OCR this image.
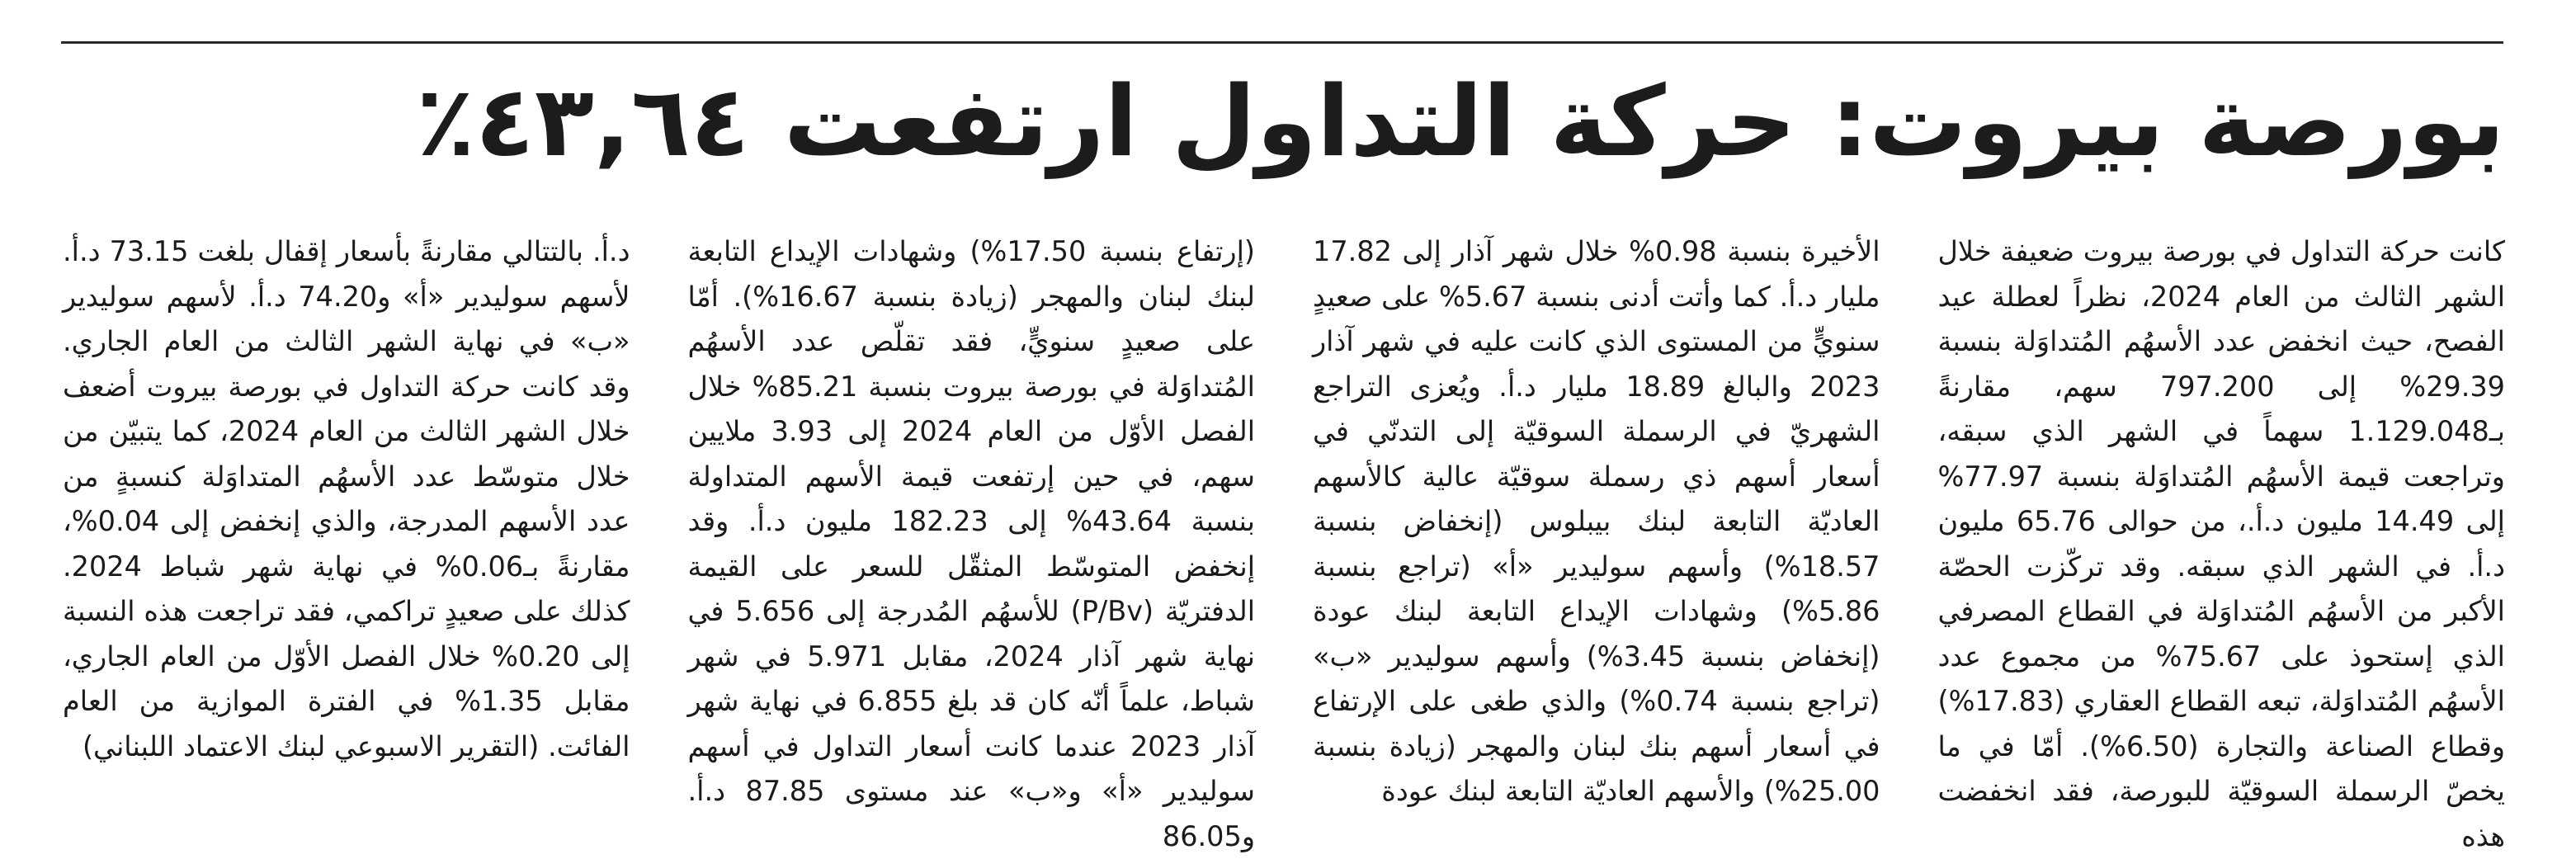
بورصة بيروت: حركة التداول ارتفعت ٤٣,٦٤٪

كانت حركة التداول في بورصة بيروت ضعيفة خلال الشهر الثالث من العام 2024، نظراً لعطلة عيد الفصح، حيث انخفض عدد الأسهُم المُتداوَلة بنسبة 29.39% إلى 797.200 سهم، مقارنةً بـ1.129.048 سهماً في الشهر الذي سبقه، وتراجعت قيمة الأسهُم المُتداوَلة بنسبة 77.97% إلى 14.49 مليون د.أ.، من حوالى 65.76 مليون د.أ. في الشهر الذي سبقه. وقد تركّزت الحصّة الأكبر من الأسهُم المُتداوَلة في القطاع المصرفي الذي إستحوذ على 75.67% من مجموع عدد الأسهُم المُتداوَلة، تبعه القطاع العقاري (17.83%) وقطاع الصناعة والتجارة (6.50%). أمّا في ما يخصّ الرسملة السوقيّة للبورصة، فقد انخفضت هذه

الأخيرة بنسبة 0.98% خلال شهر آذار إلى 17.82 مليار د.أ. كما وأتت أدنى بنسبة 5.67% على صعيدٍ سنويٍّ من المستوى الذي كانت عليه في شهر آذار 2023 والبالغ 18.89 مليار د.أ. ويُعزى التراجع الشهريّ في الرسملة السوقيّة إلى التدنّي في أسعار أسهم ذي رسملة سوقيّة عالية كالأسهم العاديّة التابعة لبنك بيبلوس (إنخفاض بنسبة 18.57%) وأسهم سوليدير «أ» (تراجع بنسبة 5.86%) وشهادات الإيداع التابعة لبنك عودة (إنخفاض بنسبة 3.45%) وأسهم سوليدير «ب» (تراجع بنسبة 0.74%) والذي طغى على الإرتفاع في أسعار أسهم بنك لبنان والمهجر (زيادة بنسبة 25.00%) والأسهم العاديّة التابعة لبنك عودة

(إرتفاع بنسبة 17.50%) وشهادات الإيداع التابعة لبنك لبنان والمهجر (زيادة بنسبة 16.67%). أمّا على صعيدٍ سنويٍّ، فقد تقلّص عدد الأسهُم المُتداوَلة في بورصة بيروت بنسبة 85.21% خلال الفصل الأوّل من العام 2024 إلى 3.93 ملايين سهم، في حين إرتفعت قيمة الأسهم المتداولة بنسبة 43.64% إلى 182.23 مليون د.أ. وقد إنخفض المتوسّط المثقّل للسعر على القيمة الدفتريّة (P/Bv) للأسهُم المُدرجة إلى 5.656 في نهاية شهر آذار 2024، مقابل 5.971 في شهر شباط، علماً أنّه كان قد بلغ 6.855 في نهاية شهر آذار 2023 عندما كانت أسعار التداول في أسهم سوليدير «أ» و«ب» عند مستوى 87.85 د.أ. و86.05

د.أ. بالتتالي مقارنةً بأسعار إقفال بلغت 73.15 د.أ. لأسهم سوليدير «أ» و74.20 د.أ. لأسهم سوليدير «ب» في نهاية الشهر الثالث من العام الجاري. وقد كانت حركة التداول في بورصة بيروت أضعف خلال الشهر الثالث من العام 2024، كما يتبيّن من خلال متوسّط عدد الأسهُم المتداوَلة كنسبةٍ من عدد الأسهم المدرجة، والذي إنخفض إلى 0.04%، مقارنةً بـ0.06% في نهاية شهر شباط 2024. كذلك على صعيدٍ تراكمي، فقد تراجعت هذه النسبة إلى 0.20% خلال الفصل الأوّل من العام الجاري، مقابل 1.35% في الفترة الموازية من العام الفائت. (التقرير الاسبوعي لبنك الاعتماد اللبناني)
